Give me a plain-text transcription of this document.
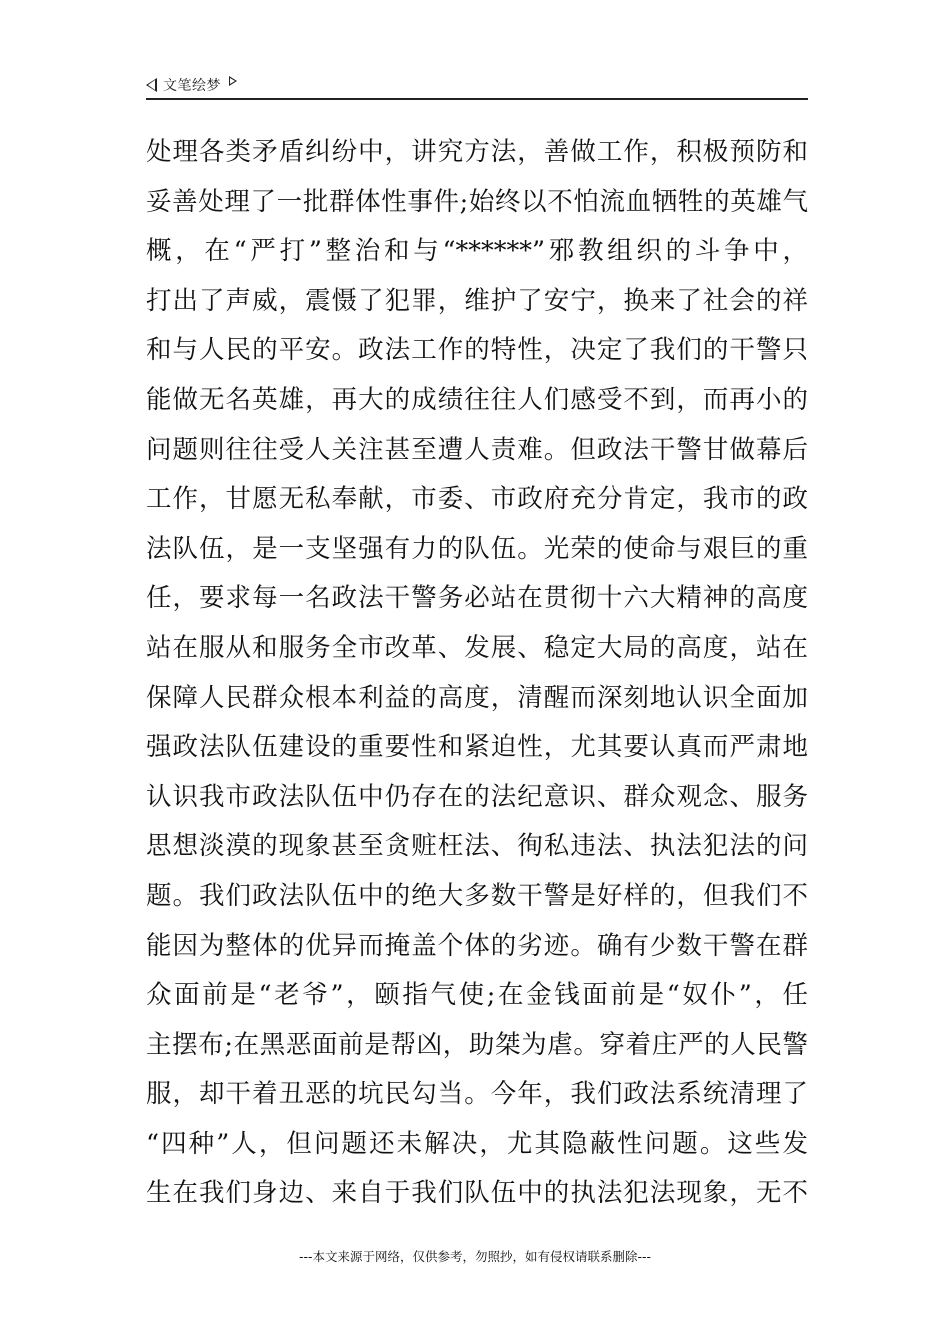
文笔绘梦
处理各类矛盾纠纷中，讲究方法，善做工作，积极预防和
妥善处理了一批群体性事件;始终以不怕流血牺牲的英雄气
概，在“严打”整治和与“******”邪教组织的斗争中，
打出了声威，震慑了犯罪，维护了安宁，换来了社会的祥
和与人民的平安。政法工作的特性，决定了我们的干警只
能做无名英雄，再大的成绩往往人们感受不到，而再小的
问题则往往受人关注甚至遭人责难。但政法干警甘做幕后
工作，甘愿无私奉献，市委、市政府充分肯定，我市的政
法队伍，是一支坚强有力的队伍。光荣的使命与艰巨的重
任，要求每一名政法干警务必站在贯彻十六大精神的高度
站在服从和服务全市改革、发展、稳定大局的高度，站在
保障人民群众根本利益的高度，清醒而深刻地认识全面加
强政法队伍建设的重要性和紧迫性，尤其要认真而严肃地
认识我市政法队伍中仍存在的法纪意识、群众观念、服务
思想淡漠的现象甚至贪赃枉法、徇私违法、执法犯法的问
题。我们政法队伍中的绝大多数干警是好样的，但我们不
能因为整体的优异而掩盖个体的劣迹。确有少数干警在群
众面前是“老爷”，颐指气使;在金钱面前是“奴仆”，任
主摆布;在黑恶面前是帮凶，助桀为虐。穿着庄严的人民警
服，却干着丑恶的坑民勾当。今年，我们政法系统清理了
“四种”人，但问题还未解决，尤其隐蔽性问题。这些发
生在我们身边、来自于我们队伍中的执法犯法现象，无不
---本文来源于网络，仅供参考，勿照抄，如有侵权请联系删除---
